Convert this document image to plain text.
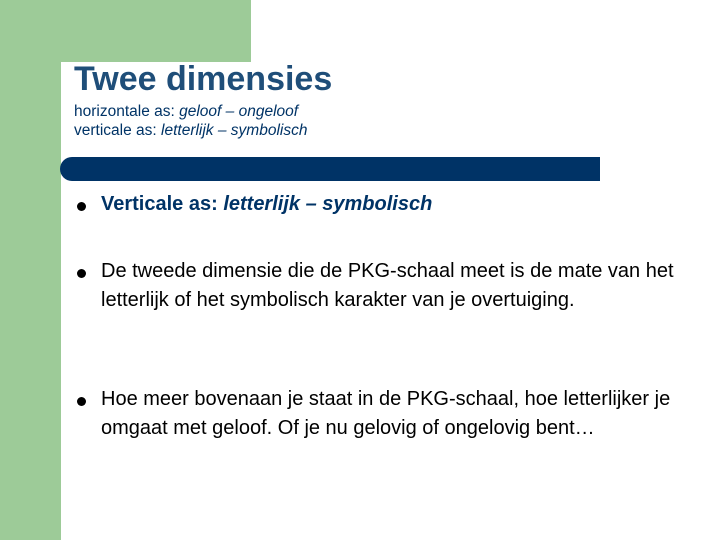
Twee dimensies

horizontale as: geloof – ongeloof

verticale as: letterlijk – symbolisch

Verticale as: letterlijk – symbolisch

De tweede dimensie die de PKG-schaal meet is de mate van het letterlijk of het symbolisch karakter van je overtuiging.

Hoe meer bovenaan je staat in de PKG-schaal, hoe letterlijker je omgaat met geloof. Of je nu gelovig of ongelovig bent…
